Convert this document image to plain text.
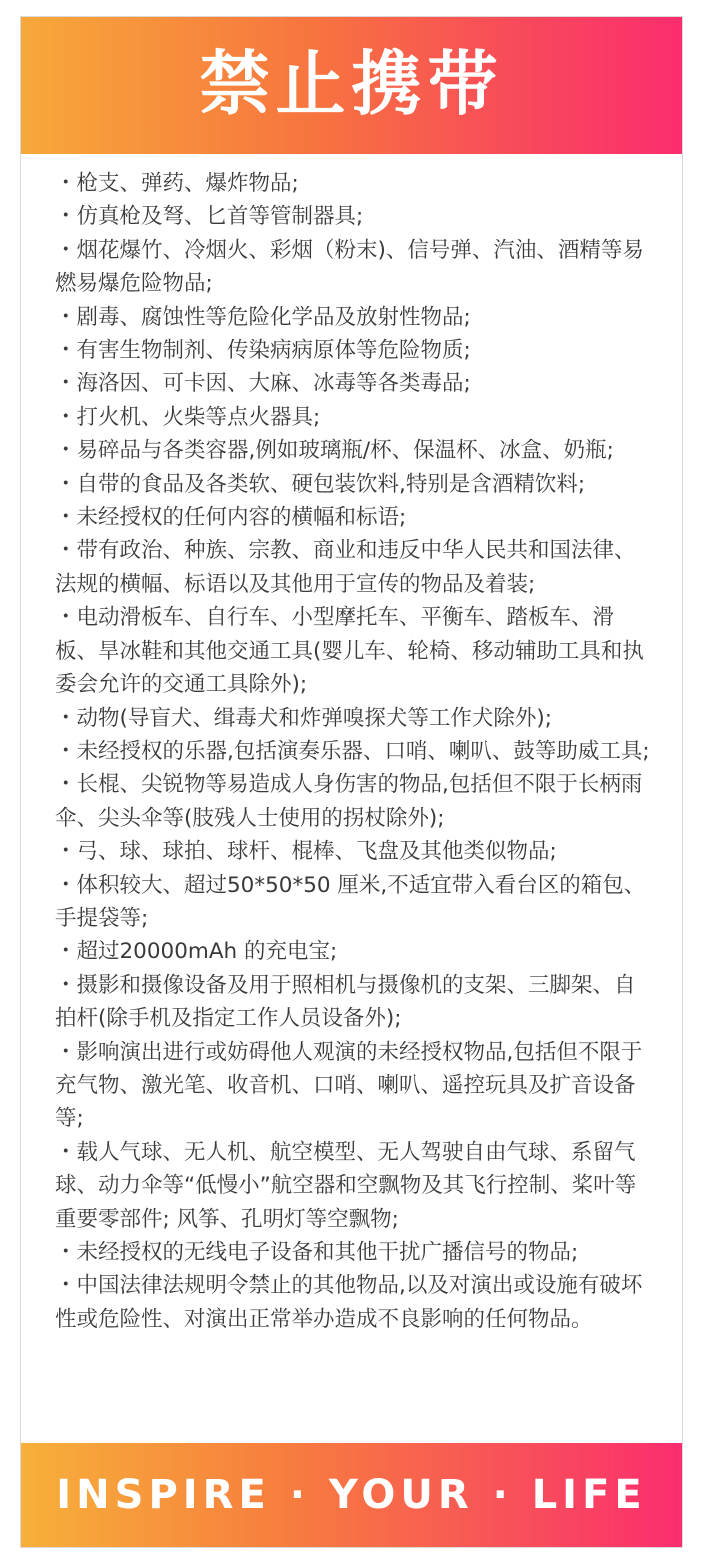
禁止携带
・枪支、弹药、爆炸物品;
・仿真枪及弩、匕首等管制器具;
・烟花爆竹、冷烟火、彩烟（粉末)、信号弹、汽油、酒精等易燃易爆危险物品;
・剧毒、腐蚀性等危险化学品及放射性物品;
・有害生物制剂、传染病病原体等危险物质;
・海洛因、可卡因、大麻、冰毒等各类毒品;
・打火机、火柴等点火器具;
・易碎品与各类容器,例如玻璃瓶/杯、保温杯、冰盒、奶瓶;
・自带的食品及各类软、硬包装饮料,特别是含酒精饮料;
・未经授权的任何内容的横幅和标语;
・带有政治、种族、宗教、商业和违反中华人民共和国法律、法规的横幅、标语以及其他用于宣传的物品及着装;
・电动滑板车、自行车、小型摩托车、平衡车、踏板车、滑板、旱冰鞋和其他交通工具(婴儿车、轮椅、移动辅助工具和执委会允许的交通工具除外);
・动物(导盲犬、缉毒犬和炸弹嗅探犬等工作犬除外);
・未经授权的乐器,包括演奏乐器、口哨、喇叭、鼓等助威工具;
・长棍、尖锐物等易造成人身伤害的物品,包括但不限于长柄雨伞、尖头伞等(肢残人士使用的拐杖除外);
・弓、球、球拍、球杆、棍棒、飞盘及其他类似物品;
・体积较大、超过50*50*50 厘米,不适宜带入看台区的箱包、手提袋等;
・超过20000mAh 的充电宝;
・摄影和摄像设备及用于照相机与摄像机的支架、三脚架、自拍杆(除手机及指定工作人员设备外);
・影响演出进行或妨碍他人观演的未经授权物品,包括但不限于充气物、激光笔、收音机、口哨、喇叭、遥控玩具及扩音设备等;
・载人气球、无人机、航空模型、无人驾驶自由气球、系留气球、动力伞等“低慢小”航空器和空飘物及其飞行控制、桨叶等重要零部件; 风筝、孔明灯等空飘物;
・未经授权的无线电子设备和其他干扰广播信号的物品;
・中国法律法规明令禁止的其他物品,以及对演出或设施有破坏性或危险性、对演出正常举办造成不良影响的任何物品。
INSPIRE · YOUR · LIFE
